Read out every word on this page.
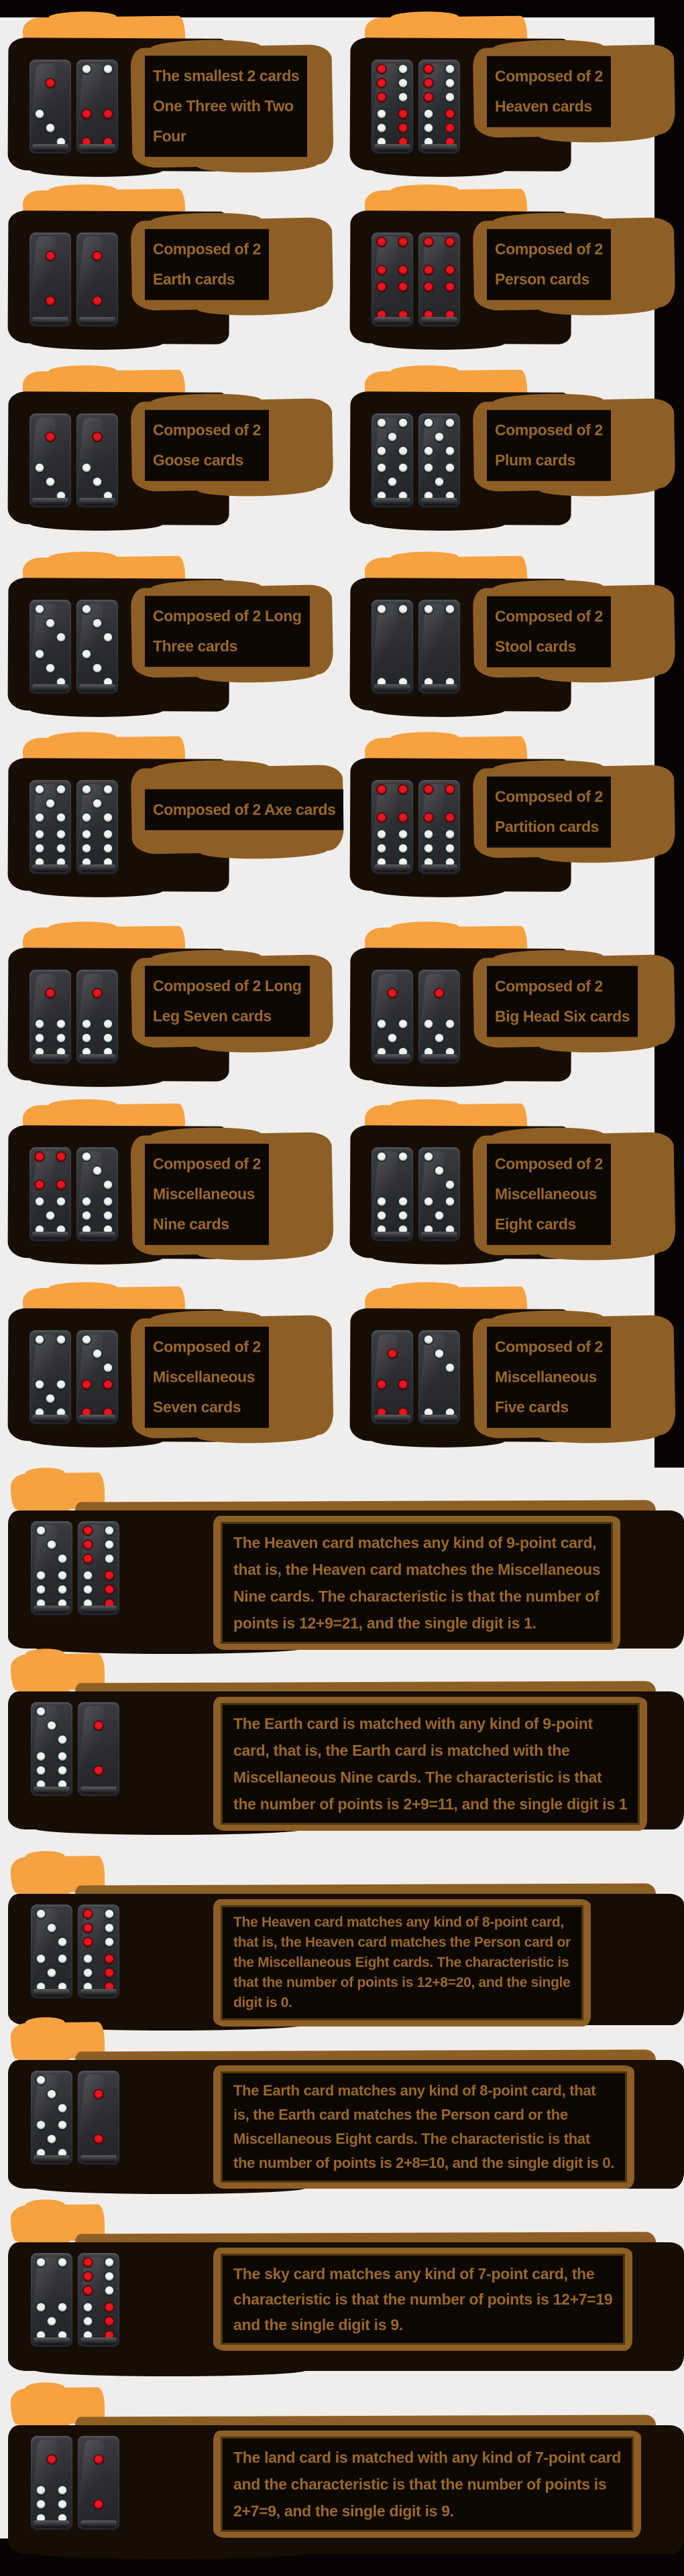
The smallest 2 cards
One Three with Two
Four
Composed of 2
Heaven cards
Composed of 2
Earth cards
Composed of 2
Person cards
Composed of 2
Goose cards
Composed of 2
Plum cards
Composed of 2 Long
Three cards
Composed of 2
Stool cards
Composed of 2 Axe cards
Composed of 2
Partition cards
Composed of 2 Long
Leg Seven cards
Composed of 2
Big Head Six cards
Composed of 2
Miscellaneous
Nine cards
Composed of 2
Miscellaneous
Eight cards
Composed of 2
Miscellaneous
Seven cards
Composed of 2
Miscellaneous
Five cards
The Heaven card matches any kind of 9-point card,
that is, the Heaven card matches the Miscellaneous
Nine cards. The characteristic is that the number of
points is 12+9=21, and the single digit is 1.
The Earth card is matched with any kind of 9-point
card, that is, the Earth card is matched with the
Miscellaneous Nine cards. The characteristic is that
the number of points is 2+9=11, and the single digit is 1
The Heaven card matches any kind of 8-point card,
that is, the Heaven card matches the Person card or
the Miscellaneous Eight cards. The characteristic is
that the number of points is 12+8=20, and the single
digit is 0.
The Earth card matches any kind of 8-point card, that
is, the Earth card matches the Person card or the
Miscellaneous Eight cards. The characteristic is that
the number of points is 2+8=10, and the single digit is 0.
The sky card matches any kind of 7-point card, the
characteristic is that the number of points is 12+7=19
and the single digit is 9.
The land card is matched with any kind of 7-point card
and the characteristic is that the number of points is
2+7=9, and the single digit is 9.
